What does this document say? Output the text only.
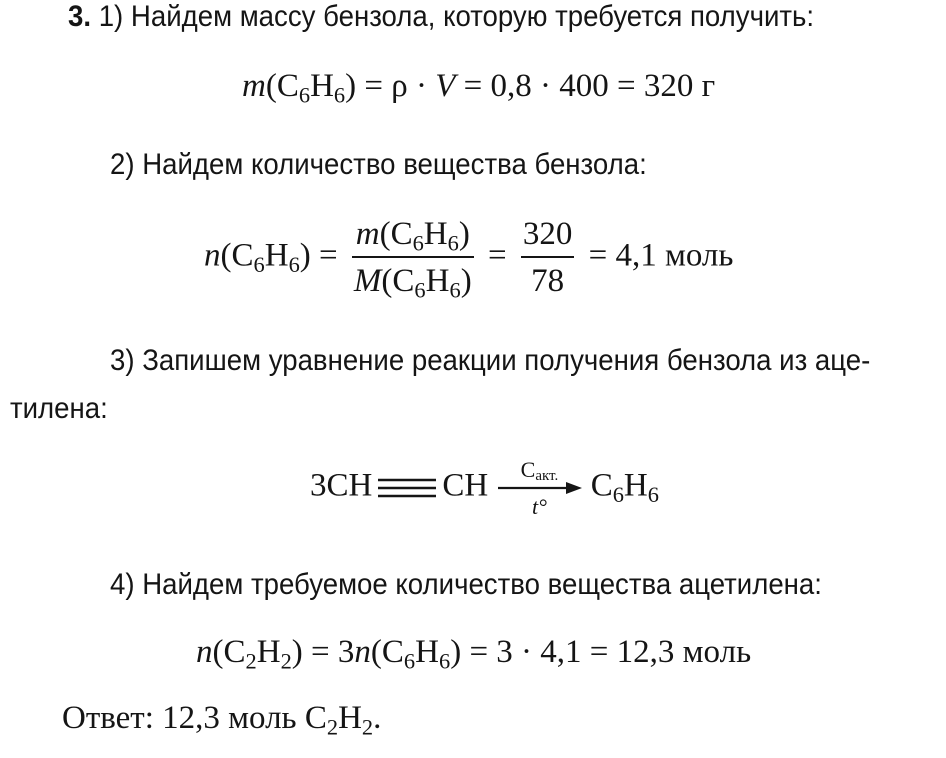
3. 1) Найдем массу бензола, которую требуется получить:
$m(C_6H_6) = \rho \cdot V = 0,8 \cdot 400 = 320$ г
2) Найдем количество вещества бензола:
$n(C_6H_6) = \frac{m(C_6H_6)}{M(C_6H_6)} = \frac{320}{78} = 4,1$ моль
3) Запишем уравнение реакции получения бензола из аце-
тилена:
3CH CH	$C_{акт.}$
t°
$C_6H_6$
4) Найдем требуемое количество вещества ацетилена:
$n(C_2H_2) = 3n(C_6H_6) = 3 \cdot 4,1 = 12,3$ моль
Ответ: 12,3 моль $C_2H_2$.
